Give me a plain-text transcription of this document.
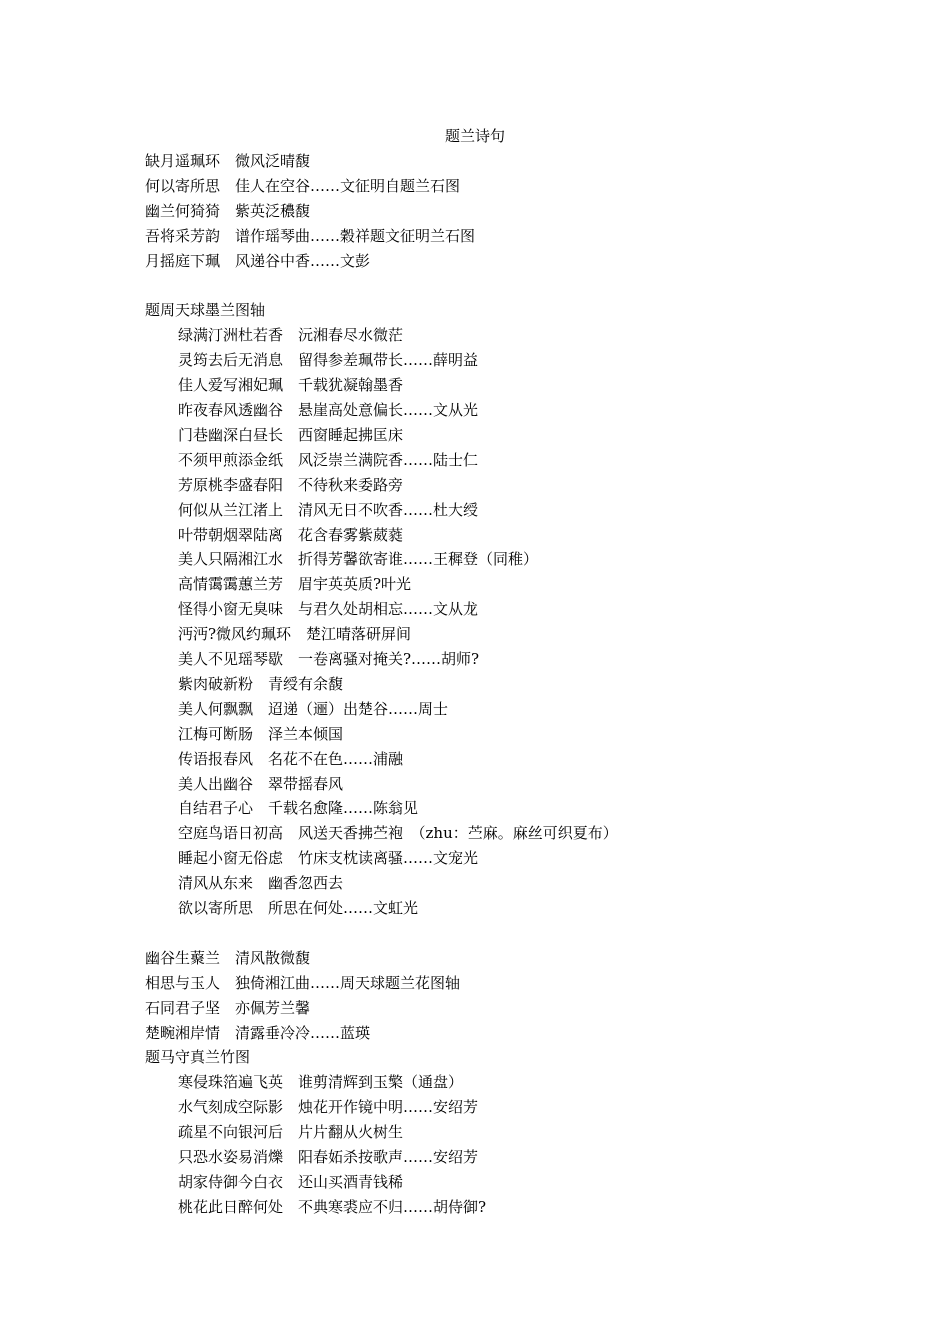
题兰诗句
缺月遥珮环　微风泛晴馥
何以寄所思　佳人在空谷……文征明自题兰石图
幽兰何猗猗　紫英泛穠馥
吾将采芳韵　谱作瑶琴曲……穀祥题文征明兰石图
月摇庭下珮　风递谷中香……文彭
题周天球墨兰图轴
绿满汀洲杜若香　沅湘春尽水微茫
灵筠去后无消息　留得参差珮带长……薛明益
佳人爱写湘妃珮　千载犹凝翰墨香
昨夜春风透幽谷　悬崖高处意偏长……文从光
门巷幽深白昼长　西窗睡起拂匡床
不须甲煎添金纸　风泛崇兰满院香……陆士仁
芳原桃李盛春阳　不待秋来委路旁
何似从兰江渚上　清风无日不吹香……杜大绶
叶带朝烟翠陆离　花含春雾紫葳蕤
美人只隔湘江水　折得芳馨欲寄谁……王穉登（同稚）
高情霭霭蕙兰芳　眉宇英英质?叶光
怪得小窗无臭味　与君久处胡相忘……文从龙
沔沔?微风约珮环　楚江晴落研屏间
美人不见瑶琴歇　一卷离骚对掩关?……胡师?
紫肉破新粉　青绶有余馥
美人何飘飘　迢递（逦）出楚谷……周士
江梅可断肠　泽兰本倾国
传语报春风　名花不在色……浦融
美人出幽谷　翠带摇春风
自结君子心　千载名愈隆……陈翁见
空庭鸟语日初高　风送天香拂苎袍　（zhu：苎麻。麻丝可织夏布）
睡起小窗无俗虑　竹床支枕读离骚……文宠光
清风从东来　幽香忽西去
欲以寄所思　所思在何处……文虹光
幽谷生藂兰　清风散微馥
相思与玉人　独倚湘江曲……周天球题兰花图轴
石同君子坚　亦佩芳兰馨
楚畹湘岸情　清露垂冷冷……蓝瑛
题马守真兰竹图
寒侵珠箔遍飞英　谁剪清辉到玉檠（通盘）
水气刻成空际影　烛花开作镜中明……安绍芳
疏星不向银河后　片片翻从火树生
只恐水姿易消爍　阳春妬杀按歌声……安绍芳
胡家侍御今白衣　还山买酒青钱稀
桃花此日醉何处　不典寒裘应不归……胡侍御?
